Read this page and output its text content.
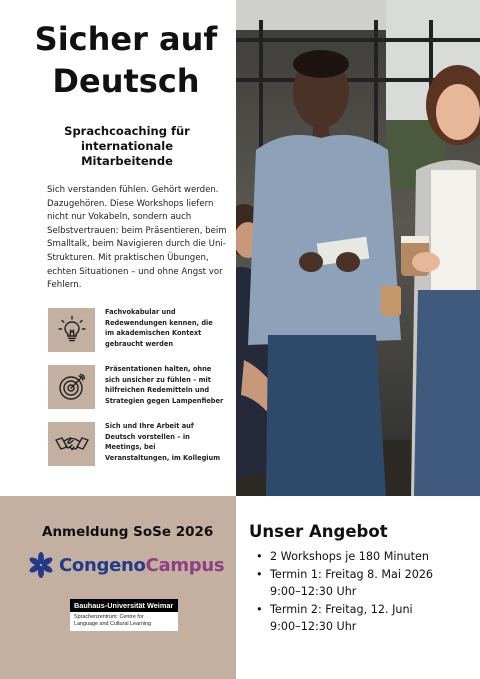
Sicher auf
Deutsch
Sprachcoaching für
internationale
Mitarbeitende
Sich verstanden fühlen. Gehört werden.
Dazugehören. Diese Workshops liefern
nicht nur Vokabeln, sondern auch
Selbstvertrauen: beim Präsentieren, beim
Smalltalk, beim Navigieren durch die Uni-
Strukturen. Mit praktischen Übungen,
echten Situationen – und ohne Angst vor
Fehlern.
Fachvokabular und
Redewendungen kennen, die
im akademischen Kontext
gebraucht werden
Präsentationen halten, ohne
sich unsicher zu fühlen – mit
hilfreichen Redemitteln und
Strategien gegen Lampenfieber
Sich und Ihre Arbeit auf
Deutsch vorstellen – in
Meetings, bei
Veranstaltungen, im Kollegium
Anmeldung SoSe 2026
CongenoCampus
Bauhaus-Universität Weimar
Sprachenzentrum: Centre for
Language and Cultural Learning
Unser Angebot
• 2 Workshops je 180 Minuten
• Termin 1: Freitag 8. Mai 2026
9:00–12:30 Uhr
• Termin 2: Freitag, 12. Juni
9:00–12:30 Uhr
